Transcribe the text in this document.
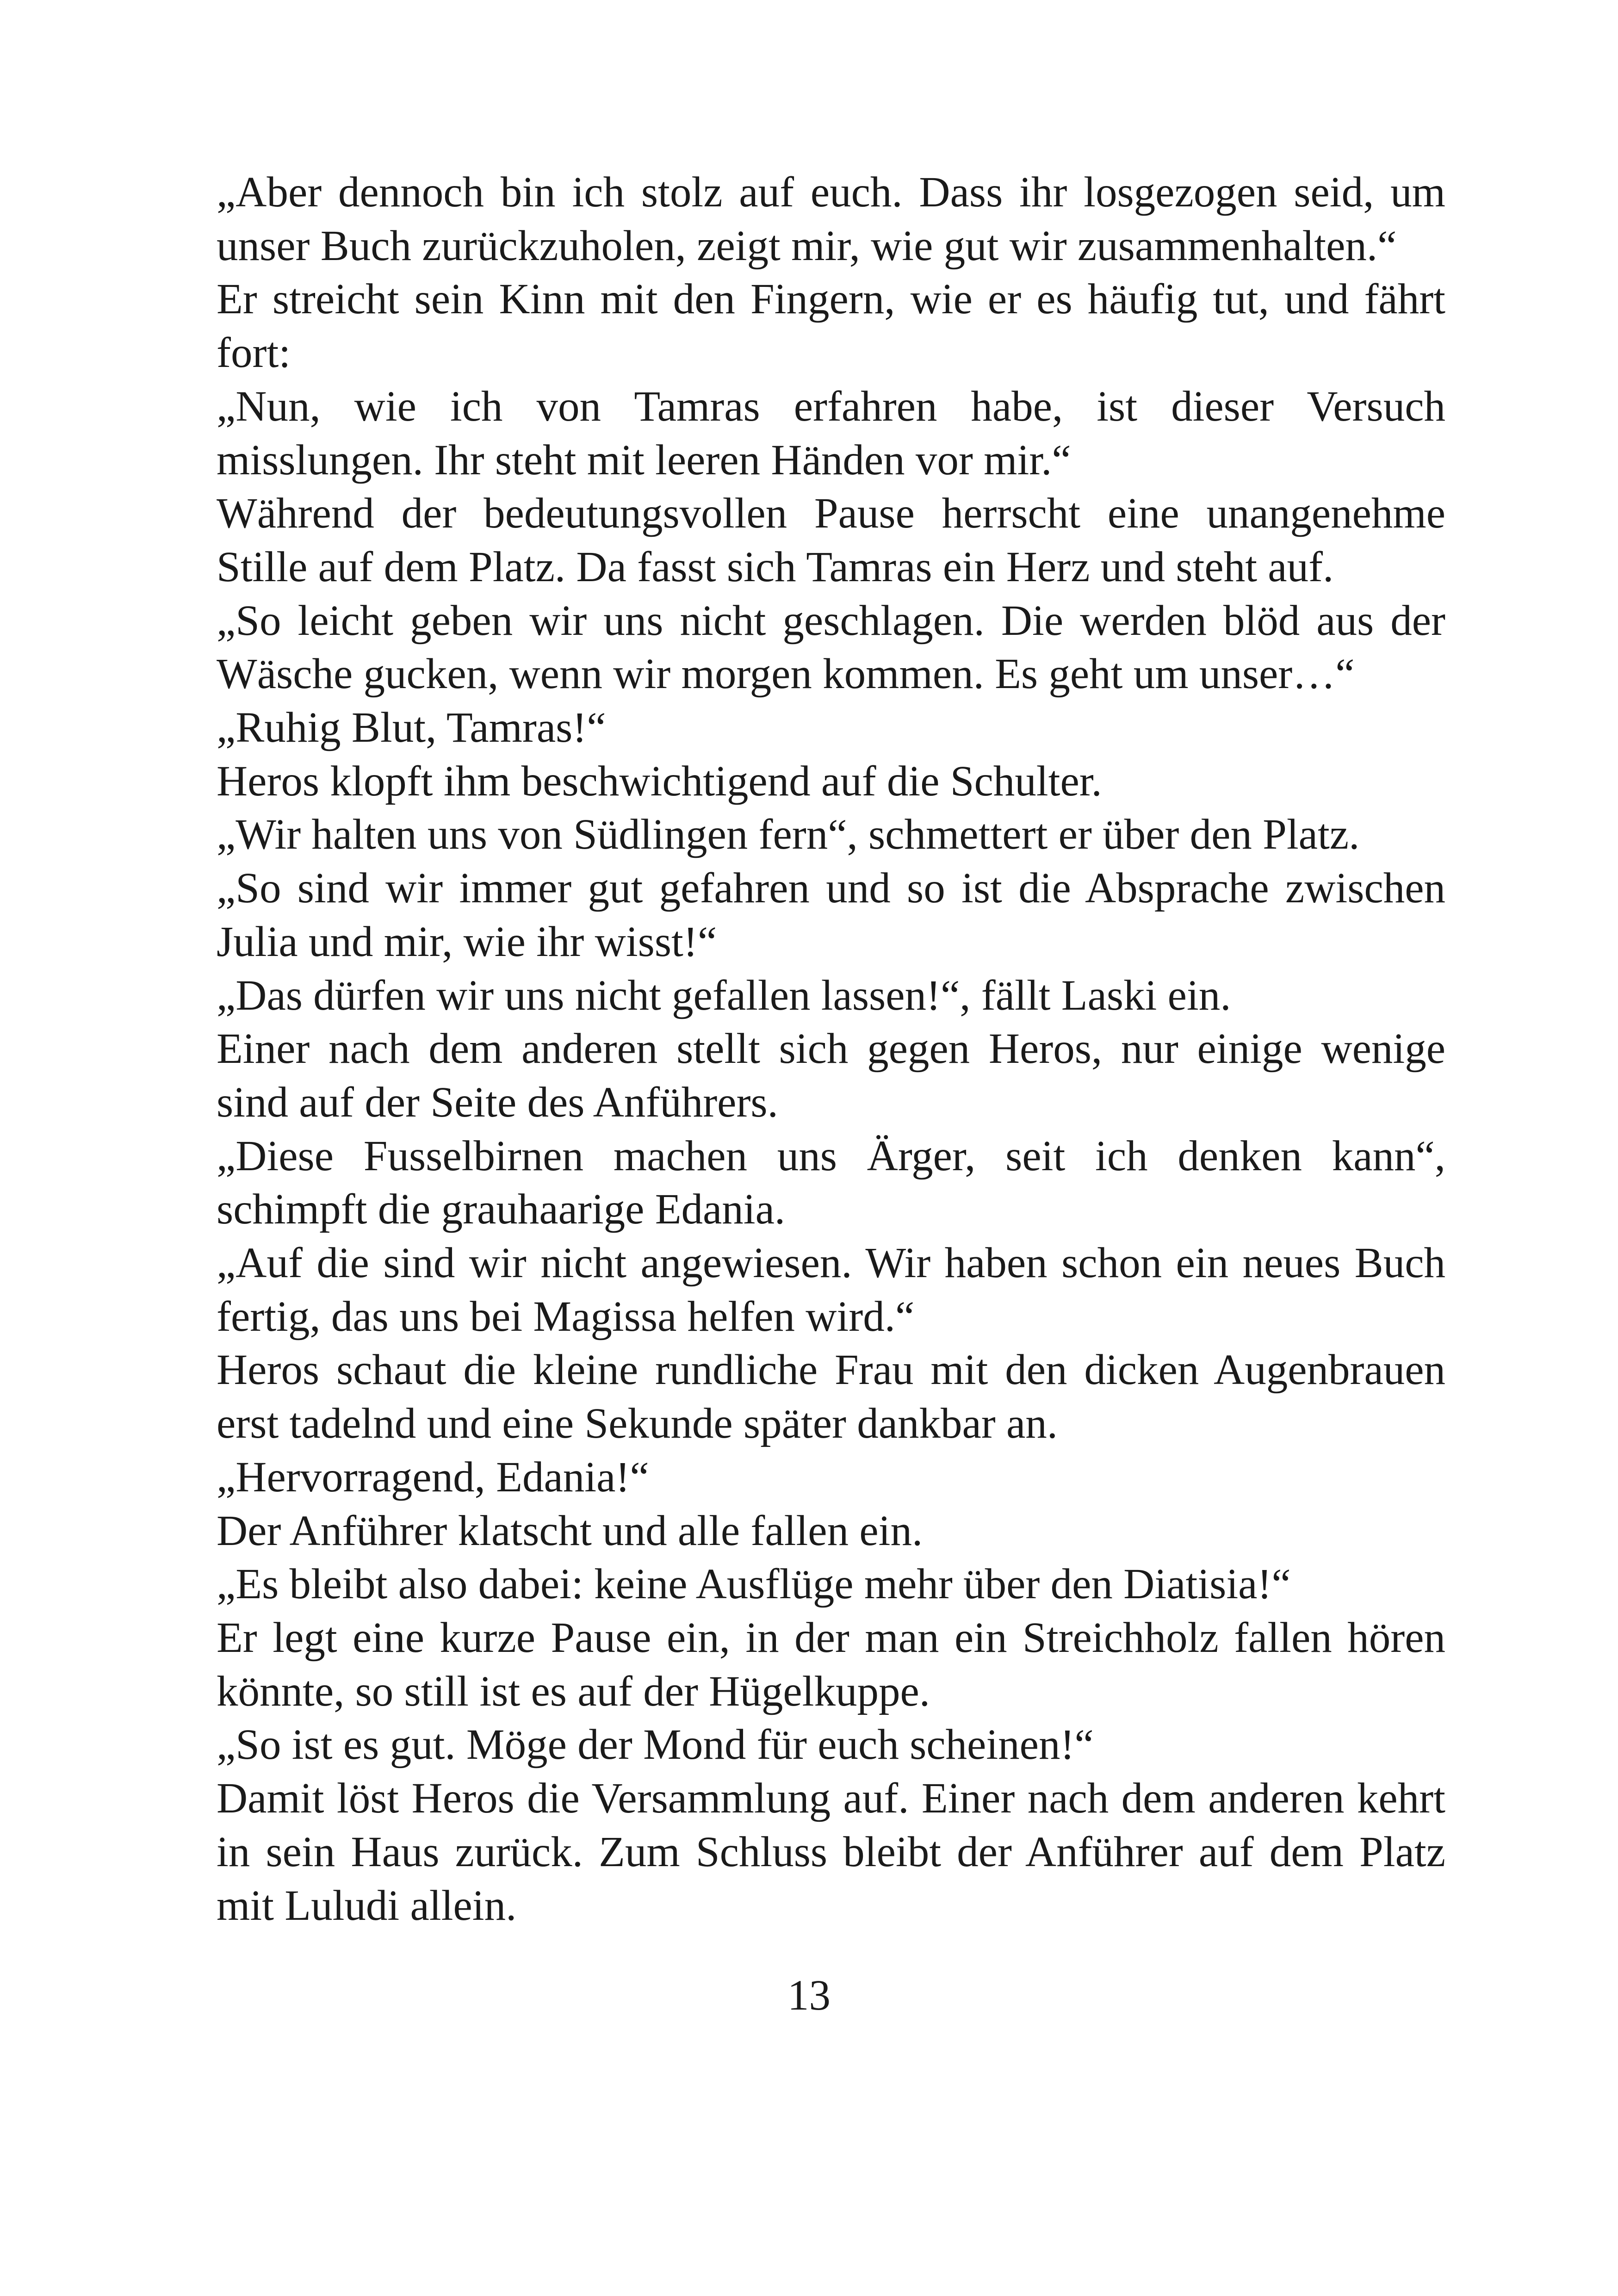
„Aber dennoch bin ich stolz auf euch. Dass ihr losgezogen seid, um unser Buch zurückzuholen, zeigt mir, wie gut wir zusammenhalten.“

Er streicht sein Kinn mit den Fingern, wie er es häufig tut, und fährt fort:

„Nun, wie ich von Tamras erfahren habe, ist dieser Versuch misslungen. Ihr steht mit leeren Händen vor mir.“

Während der bedeutungsvollen Pause herrscht eine unangenehme Stille auf dem Platz. Da fasst sich Tamras ein Herz und steht auf.

„So leicht geben wir uns nicht geschlagen. Die werden blöd aus der Wäsche gucken, wenn wir morgen kommen. Es geht um unser…“

„Ruhig Blut, Tamras!“

Heros klopft ihm beschwichtigend auf die Schulter.

„Wir halten uns von Südlingen fern“, schmettert er über den Platz.

„So sind wir immer gut gefahren und so ist die Absprache zwischen Julia und mir, wie ihr wisst!“

„Das dürfen wir uns nicht gefallen lassen!“, fällt Laski ein.

Einer nach dem anderen stellt sich gegen Heros, nur einige wenige sind auf der Seite des Anführers.

„Diese Fusselbirnen machen uns Ärger, seit ich denken kann“, schimpft die grauhaarige Edania.

„Auf die sind wir nicht angewiesen. Wir haben schon ein neues Buch fertig, das uns bei Magissa helfen wird.“

Heros schaut die kleine rundliche Frau mit den dicken Augenbrauen erst tadelnd und eine Sekunde später dankbar an.

„Hervorragend, Edania!“

Der Anführer klatscht und alle fallen ein.

„Es bleibt also dabei: keine Ausflüge mehr über den Diatisia!“

Er legt eine kurze Pause ein, in der man ein Streichholz fallen hören könnte, so still ist es auf der Hügelkuppe.

„So ist es gut. Möge der Mond für euch scheinen!“

Damit löst Heros die Versammlung auf. Einer nach dem anderen kehrt in sein Haus zurück. Zum Schluss bleibt der Anführer auf dem Platz mit Luludi allein.

13
